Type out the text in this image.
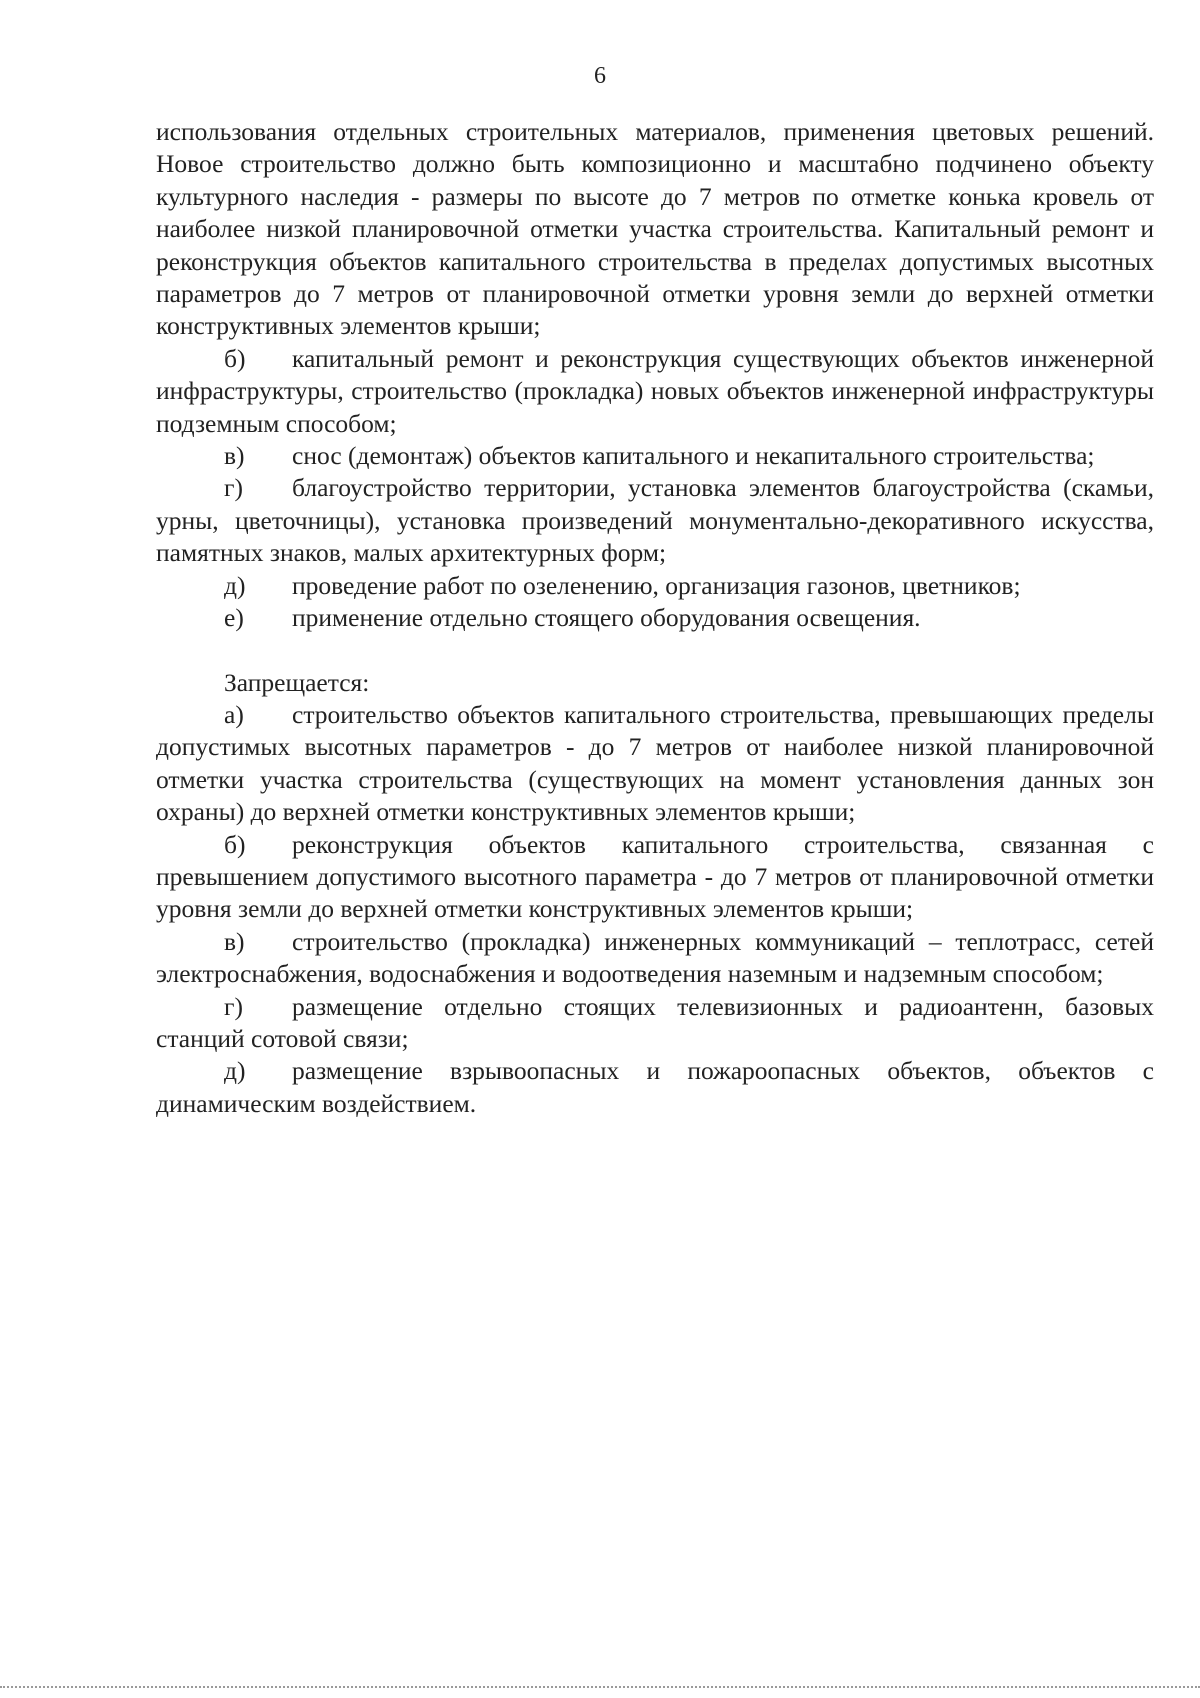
6

использования отдельных строительных материалов, применения цветовых решений. Новое строительство должно быть композиционно и масштабно подчинено объекту культурного наследия - размеры по высоте до 7 метров по отметке конька кровель от наиболее низкой планировочной отметки участка строительства. Капитальный ремонт и реконструкция объектов капитального строительства в пределах допустимых высотных параметров до 7 метров от планировочной отметки уровня земли до верхней отметки конструктивных элементов крыши;

б) капитальный ремонт и реконструкция существующих объектов инженерной инфраструктуры, строительство (прокладка) новых объектов инженерной инфраструктуры подземным способом;

в) снос (демонтаж) объектов капитального и некапитального строительства;

г) благоустройство территории, установка элементов благоустройства (скамьи, урны, цветочницы), установка произведений монументально-декоративного искусства, памятных знаков, малых архитектурных форм;

д) проведение работ по озеленению, организация газонов, цветников;

е) применение отдельно стоящего оборудования освещения.

Запрещается:

а) строительство объектов капитального строительства, превышающих пределы допустимых высотных параметров - до 7 метров от наиболее низкой планировочной отметки участка строительства (существующих на момент установления данных зон охраны) до верхней отметки конструктивных элементов крыши;

б) реконструкция объектов капитального строительства, связанная с превышением допустимого высотного параметра - до 7 метров от планировочной отметки уровня земли до верхней отметки конструктивных элементов крыши;

в) строительство (прокладка) инженерных коммуникаций – теплотрасс, сетей электроснабжения, водоснабжения и водоотведения наземным и надземным способом;

г) размещение отдельно стоящих телевизионных и радиоантенн, базовых станций сотовой связи;

д) размещение взрывоопасных и пожароопасных объектов, объектов с динамическим воздействием.
